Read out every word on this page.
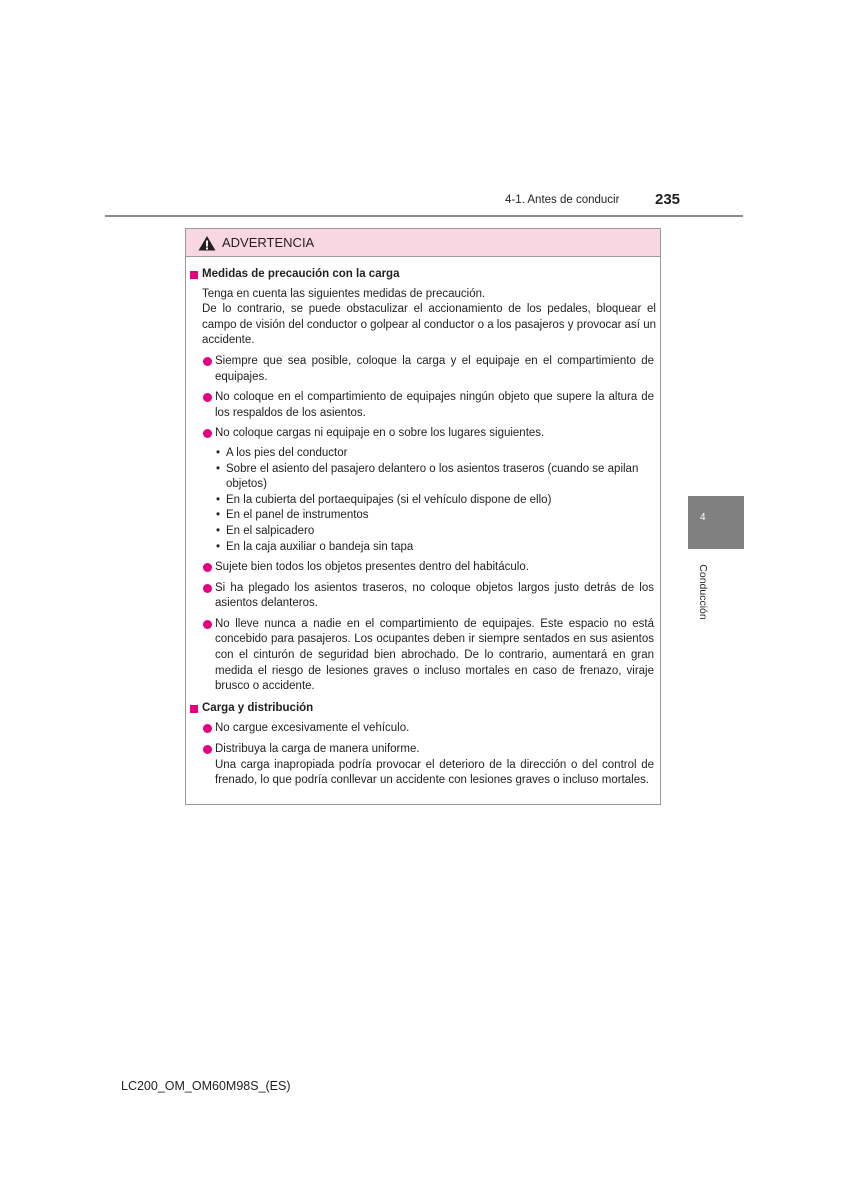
4-1. Antes de conducir 235
4
Conducción
ADVERTENCIA
Medidas de precaución con la carga
Tenga en cuenta las siguientes medidas de precaución.
De lo contrario, se puede obstaculizar el accionamiento de los pedales, bloquear el campo de visión del conductor o golpear al conductor o a los pasajeros y provocar así un accidente.
Siempre que sea posible, coloque la carga y el equipaje en el compartimiento de equipajes.
No coloque en el compartimiento de equipajes ningún objeto que supere la altura de los respaldos de los asientos.
No coloque cargas ni equipaje en o sobre los lugares siguientes.
• A los pies del conductor
• Sobre el asiento del pasajero delantero o los asientos traseros (cuando se apilan objetos)
• En la cubierta del portaequipajes (si el vehículo dispone de ello)
• En el panel de instrumentos
• En el salpicadero
• En la caja auxiliar o bandeja sin tapa
Sujete bien todos los objetos presentes dentro del habitáculo.
Si ha plegado los asientos traseros, no coloque objetos largos justo detrás de los asientos delanteros.
No lleve nunca a nadie en el compartimiento de equipajes. Este espacio no está concebido para pasajeros. Los ocupantes deben ir siempre sentados en sus asientos con el cinturón de seguridad bien abrochado. De lo contrario, aumentará en gran medida el riesgo de lesiones graves o incluso mortales en caso de frenazo, viraje brusco o accidente.
Carga y distribución
No cargue excesivamente el vehículo.
Distribuya la carga de manera uniforme.
Una carga inapropiada podría provocar el deterioro de la dirección o del control de frenado, lo que podría conllevar un accidente con lesiones graves o incluso mortales.
LC200_OM_OM60M98S_(ES)
